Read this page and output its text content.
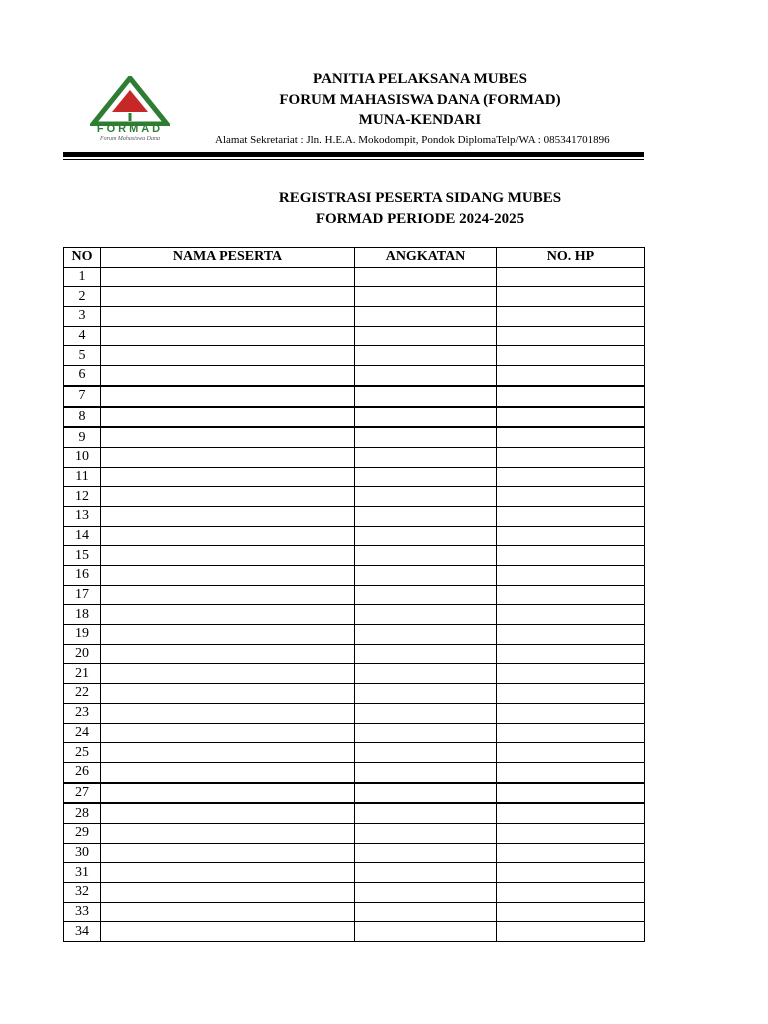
FORMAD
Forum Mahasiswa Dana
PANITIA PELAKSANA MUBES
FORUM MAHASISWA DANA (FORMAD)
MUNA-KENDARI
Alamat Sekretariat : Jln. H.E.A. Mokodompit, Pondok DiplomaTelp/WA : 085341701896
REGISTRASI PESERTA SIDANG MUBES
FORMAD PERIODE 2024-2025
NO	NAMA PESERTA	ANGKATAN	NO. HP
1			
2			
3			
4			
5			
6			
7			
8			
9			
10			
11			
12			
13			
14			
15			
16			
17			
18			
19			
20			
21			
22			
23			
24			
25			
26			
27			
28			
29			
30			
31			
32			
33			
34			
